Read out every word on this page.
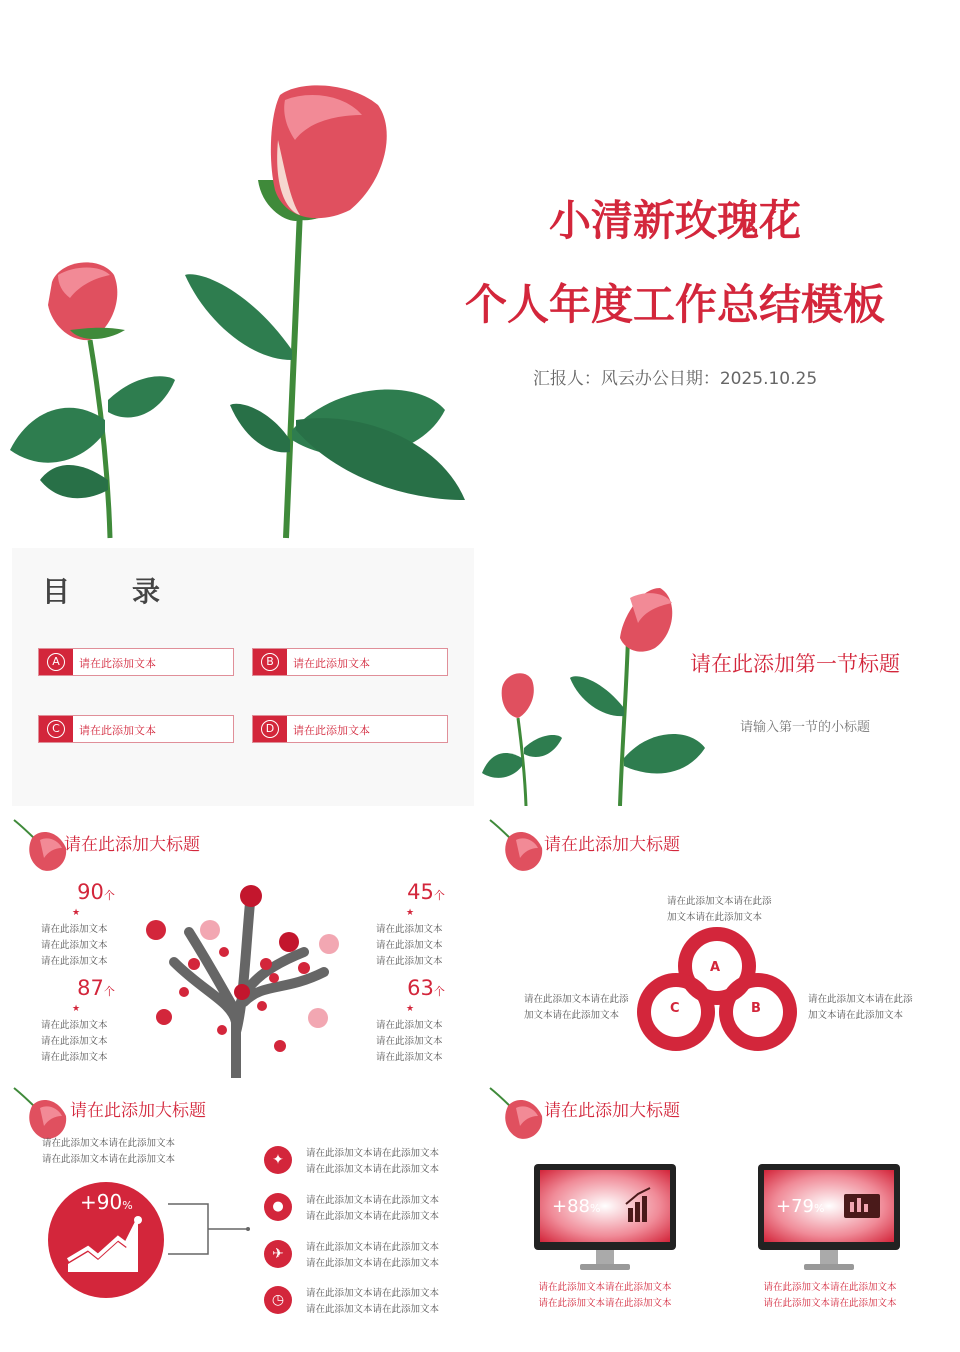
小清新玫瑰花
个人年度工作总结模板
汇报人：风云办公日期：2025.10.25
目 录
A	请在此添加文本	B	请在此添加文本
C	请在此添加文本	D	请在此添加文本
请在此添加第一节标题
请输入第一节的小标题
请在此添加大标题
90个
★
请在此添加文本
请在此添加文本
请在此添加文本
87个
★
请在此添加文本
请在此添加文本
请在此添加文本
45个
★
请在此添加文本
请在此添加文本
请在此添加文本
63个
★
请在此添加文本
请在此添加文本
请在此添加文本
请在此添加大标题
请在此添加文本请在此添
加文本请在此添加文本
请在此添加文本请在此添
加文本请在此添加文本
请在此添加文本请在此添
加文本请在此添加文本
A
B
C
请在此添加大标题
请在此添加文本请在此添加文本
请在此添加文本请在此添加文本
+90%
✦	请在此添加文本请在此添加文本
请在此添加文本请在此添加文本
●	请在此添加文本请在此添加文本
请在此添加文本请在此添加文本
✈	请在此添加文本请在此添加文本
请在此添加文本请在此添加文本
◷	请在此添加文本请在此添加文本
请在此添加文本请在此添加文本
请在此添加大标题
+88%
请在此添加文本请在此添加文本
请在此添加文本请在此添加文本
+79%
请在此添加文本请在此添加文本
请在此添加文本请在此添加文本
